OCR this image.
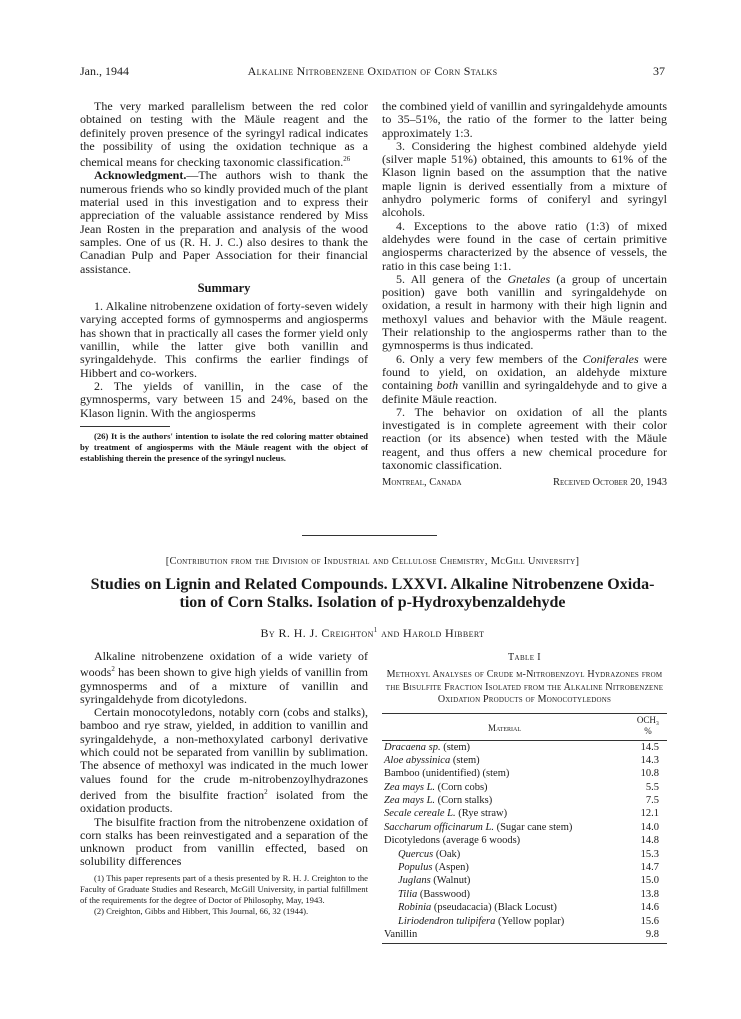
Jan., 1944	Alkaline Nitrobenzene Oxidation of Corn Stalks	37

The very marked parallelism between the red color obtained on testing with the Mäule reagent and the definitely proven presence of the syringyl radical indicates the possibility of using the oxidation technique as a chemical means for checking taxonomic classification.$^{26}$

Acknowledgment.—The authors wish to thank the numerous friends who so kindly provided much of the plant material used in this investigation and to express their appreciation of the valuable assistance rendered by Miss Jean Rosten in the preparation and analysis of the wood samples. One of us (R. H. J. C.) also desires to thank the Canadian Pulp and Paper Association for their financial assistance.

Summary

1. Alkaline nitrobenzene oxidation of forty-seven widely varying accepted forms of gymnosperms and angiosperms has shown that in practically all cases the former yield only vanillin, while the latter give both vanillin and syringaldehyde. This confirms the earlier findings of Hibbert and co-workers.

2. The yields of vanillin, in the case of the gymnosperms, vary between 15 and 24%, based on the Klason lignin. With the angiosperms

(26) It is the authors' intention to isolate the red coloring matter obtained by treatment of angiosperms with the Mäule reagent with the object of establishing therein the presence of the syringyl nucleus.

the combined yield of vanillin and syringaldehyde amounts to 35–51%, the ratio of the former to the latter being approximately 1:3.

3. Considering the highest combined aldehyde yield (silver maple 51%) obtained, this amounts to 61% of the Klason lignin based on the assumption that the native maple lignin is derived essentially from a mixture of anhydro polymeric forms of coniferyl and syringyl alcohols.

4. Exceptions to the above ratio (1:3) of mixed aldehydes were found in the case of certain primitive angiosperms characterized by the absence of vessels, the ratio in this case being 1:1.

5. All genera of the Gnetales (a group of uncertain position) gave both vanillin and syringaldehyde on oxidation, a result in harmony with their high lignin and methoxyl values and behavior with the Mäule reagent. Their relationship to the angiosperms rather than to the gymnosperms is thus indicated.

6. Only a very few members of the Coniferales were found to yield, on oxidation, an aldehyde mixture containing both vanillin and syringaldehyde and to give a definite Mäule reaction.

7. The behavior on oxidation of all the plants investigated is in complete agreement with their color reaction (or its absence) when tested with the Mäule reagent, and thus offers a new chemical procedure for taxonomic classification.

Montreal, Canada	Received October 20, 1943
[Contribution from the Division of Industrial and Cellulose Chemistry, McGill University]
Studies on Lignin and Related Compounds. LXXVI. Alkaline Nitrobenzene Oxida-
tion of Corn Stalks. Isolation of p-Hydroxybenzaldehyde
By R. H. J. Creighton$^1$ and Harold Hibbert

Alkaline nitrobenzene oxidation of a wide variety of woods$^2$ has been shown to give high yields of vanillin from gymnosperms and of a mixture of vanillin and syringaldehyde from dicotyledons.

Certain monocotyledons, notably corn (cobs and stalks), bamboo and rye straw, yielded, in addition to vanillin and syringaldehyde, a non-methoxylated carbonyl derivative which could not be separated from vanillin by sublimation. The absence of methoxyl was indicated in the much lower values found for the crude m-nitrobenzoylhydrazones derived from the bisulfite fraction$^2$ isolated from the oxidation products.

The bisulfite fraction from the nitrobenzene oxidation of corn stalks has been reinvestigated and a separation of the unknown product from vanillin effected, based on solubility differences

(1) This paper represents part of a thesis presented by R. H. J. Creighton to the Faculty of Graduate Studies and Research, McGill University, in partial fulfillment of the requirements for the degree of Doctor of Philosophy, May, 1943.

(2) Creighton, Gibbs and Hibbert, This Journal, 66, 32 (1944).

Table I
Methoxyl Analyses of Crude m-Nitrobenzoyl Hydrazones from the Bisulfite Fraction Isolated from the Alkaline Nitrobenzene Oxidation Products of Monocotyledons
Material
OCH₃
%
Dracaena sp. (stem)	14.5
Aloe abyssinica (stem)	14.3
Bamboo (unidentified) (stem)	10.8
Zea mays L. (Corn cobs)	5.5
Zea mays L. (Corn stalks)	7.5
Secale cereale L. (Rye straw)	12.1
Saccharum officinarum L. (Sugar cane stem)	14.0
Dicotyledons (average 6 woods)	14.8
Quercus (Oak)	15.3
Populus (Aspen)	14.7
Juglans (Walnut)	15.0
Tilia (Basswood)	13.8
Robinia (pseudacacia) (Black Locust)	14.6
Liriodendron tulipifera (Yellow poplar)	15.6
Vanillin	9.8
